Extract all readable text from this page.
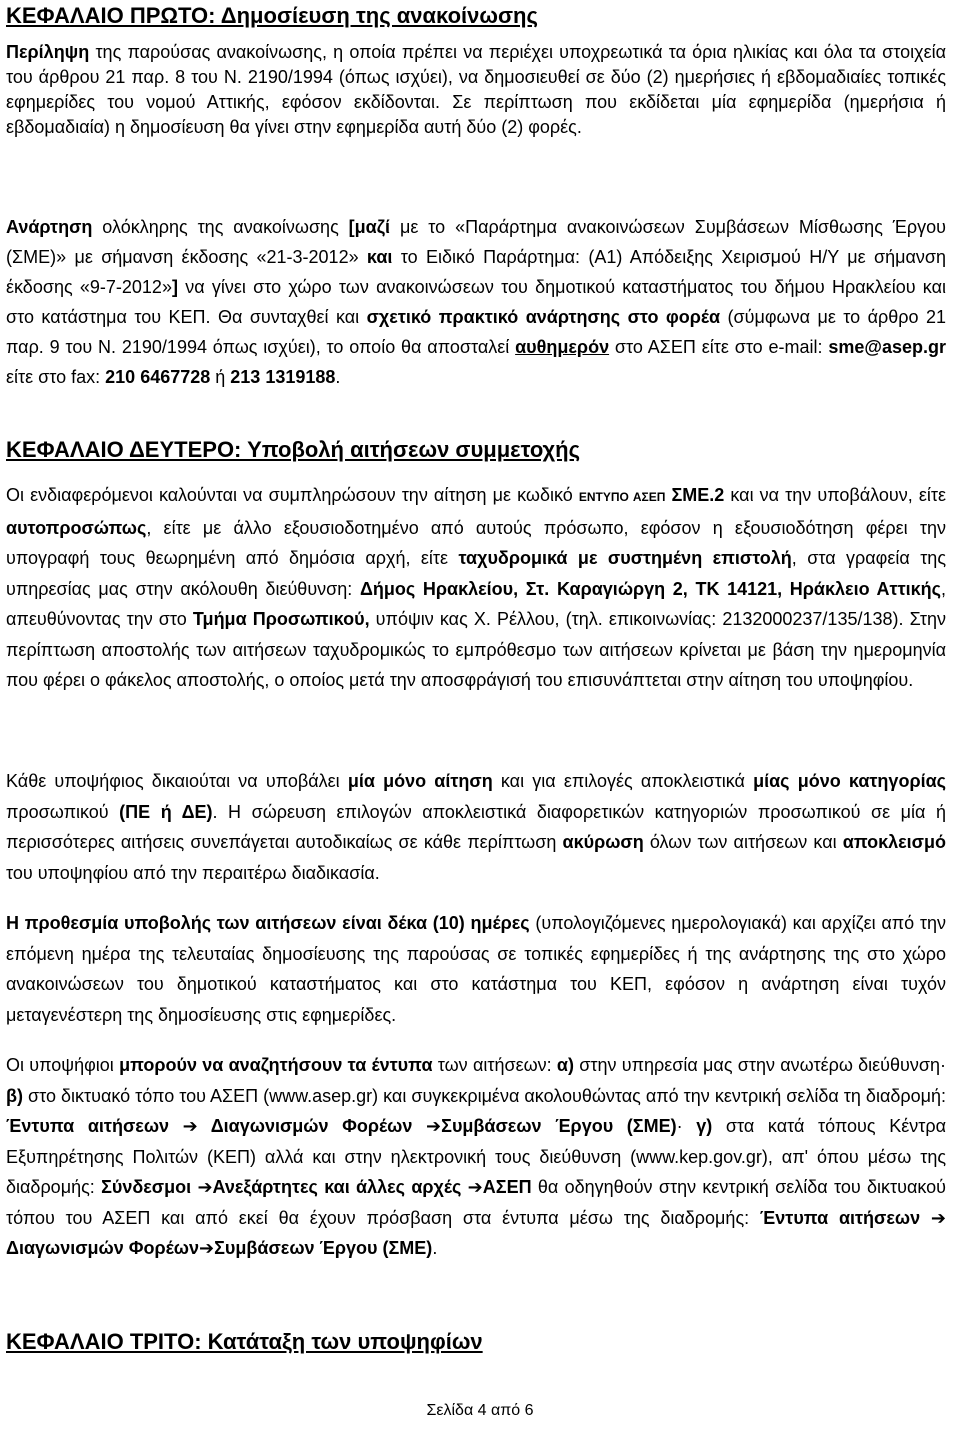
ΚΕΦΑΛΑΙΟ ΠΡΩΤΟ: Δημοσίευση της ανακοίνωσης
Περίληψη της παρούσας ανακοίνωσης, η οποία πρέπει να περιέχει υποχρεωτικά τα όρια ηλικίας και όλα τα στοιχεία του άρθρου 21 παρ. 8 του Ν. 2190/1994 (όπως ισχύει), να δημοσιευθεί σε δύο (2) ημερήσιες ή εβδομαδιαίες τοπικές εφημερίδες του νομού Αττικής, εφόσον εκδίδονται. Σε περίπτωση που εκδίδεται μία εφημερίδα (ημερήσια ή εβδομαδιαία) η δημοσίευση θα γίνει στην εφημερίδα αυτή δύο (2) φορές.
Ανάρτηση ολόκληρης της ανακοίνωσης [μαζί με το «Παράρτημα ανακοινώσεων Συμβάσεων Μίσθωσης Έργου (ΣΜΕ)» με σήμανση έκδοσης «21-3-2012» και το Ειδικό Παράρτημα: (Α1) Απόδειξης Χειρισμού Η/Υ με σήμανση έκδοσης «9-7-2012»] να γίνει στο χώρο των ανακοινώσεων του δημοτικού καταστήματος του δήμου Ηρακλείου και στο κατάστημα του ΚΕΠ. Θα συνταχθεί και σχετικό πρακτικό ανάρτησης στο φορέα (σύμφωνα με το άρθρο 21 παρ. 9 του Ν. 2190/1994 όπως ισχύει), το οποίο θα αποσταλεί αυθημερόν στο ΑΣΕΠ είτε στο e-mail: sme@asep.gr είτε στο fax: 210 6467728 ή 213 1319188.
ΚΕΦΑΛΑΙΟ ΔΕΥΤΕΡΟ: Υποβολή αιτήσεων συμμετοχής
Οι ενδιαφερόμενοι καλούνται να συμπληρώσουν την αίτηση με κωδικό ΕΝΤΥΠΟ ΑΣΕΠ ΣΜΕ.2 και να την υποβάλουν, είτε αυτοπροσώπως, είτε με άλλο εξουσιοδοτημένο από αυτούς πρόσωπο, εφόσον η εξουσιοδότηση φέρει την υπογραφή τους θεωρημένη από δημόσια αρχή, είτε ταχυδρομικά με συστημένη επιστολή, στα γραφεία της υπηρεσίας μας στην ακόλουθη διεύθυνση: Δήμος Ηρακλείου, Στ. Καραγιώργη 2, ΤΚ 14121, Ηράκλειο Αττικής, απευθύνοντας την στο Τμήμα Προσωπικού, υπόψιν κας Χ. Ρέλλου, (τηλ. επικοινωνίας: 2132000237/135/138). Στην περίπτωση αποστολής των αιτήσεων ταχυδρομικώς το εμπρόθεσμο των αιτήσεων κρίνεται με βάση την ημερομηνία που φέρει ο φάκελος αποστολής, ο οποίος μετά την αποσφράγισή του επισυνάπτεται στην αίτηση του υποψηφίου.
Κάθε υποψήφιος δικαιούται να υποβάλει μία μόνο αίτηση και για επιλογές αποκλειστικά μίας μόνο κατηγορίας προσωπικού (ΠΕ ή ΔΕ). Η σώρευση επιλογών αποκλειστικά διαφορετικών κατηγοριών προσωπικού σε μία ή περισσότερες αιτήσεις συνεπάγεται αυτοδικαίως σε κάθε περίπτωση ακύρωση όλων των αιτήσεων και αποκλεισμό του υποψηφίου από την περαιτέρω διαδικασία.
Η προθεσμία υποβολής των αιτήσεων είναι δέκα (10) ημέρες (υπολογιζόμενες ημερολογιακά) και αρχίζει από την επόμενη ημέρα της τελευταίας δημοσίευσης της παρούσας σε τοπικές εφημερίδες ή της ανάρτησης της στο χώρο ανακοινώσεων του δημοτικού καταστήματος και στο κατάστημα του ΚΕΠ, εφόσον η ανάρτηση είναι τυχόν μεταγενέστερη της δημοσίευσης στις εφημερίδες.
Οι υποψήφιοι μπορούν να αναζητήσουν τα έντυπα των αιτήσεων: α) στην υπηρεσία μας στην ανωτέρω διεύθυνση· β) στο δικτυακό τόπο του ΑΣΕΠ (www.asep.gr) και συγκεκριμένα ακολουθώντας από την κεντρική σελίδα τη διαδρομή: Έντυπα αιτήσεων ➔ Διαγωνισμών Φορέων ➔Συμβάσεων Έργου (ΣΜΕ)· γ) στα κατά τόπους Κέντρα Εξυπηρέτησης Πολιτών (ΚΕΠ) αλλά και στην ηλεκτρονική τους διεύθυνση (www.kep.gov.gr), απ' όπου μέσω της διαδρομής: Σύνδεσμοι ➔Ανεξάρτητες και άλλες αρχές ➔ΑΣΕΠ θα οδηγηθούν στην κεντρική σελίδα του δικτυακού τόπου του ΑΣΕΠ και από εκεί θα έχουν πρόσβαση στα έντυπα μέσω της διαδρομής: Έντυπα αιτήσεων ➔ Διαγωνισμών Φορέων➔Συμβάσεων Έργου (ΣΜΕ).
ΚΕΦΑΛΑΙΟ ΤΡΙΤΟ: Κατάταξη των υποψηφίων
Σελίδα 4 από 6
